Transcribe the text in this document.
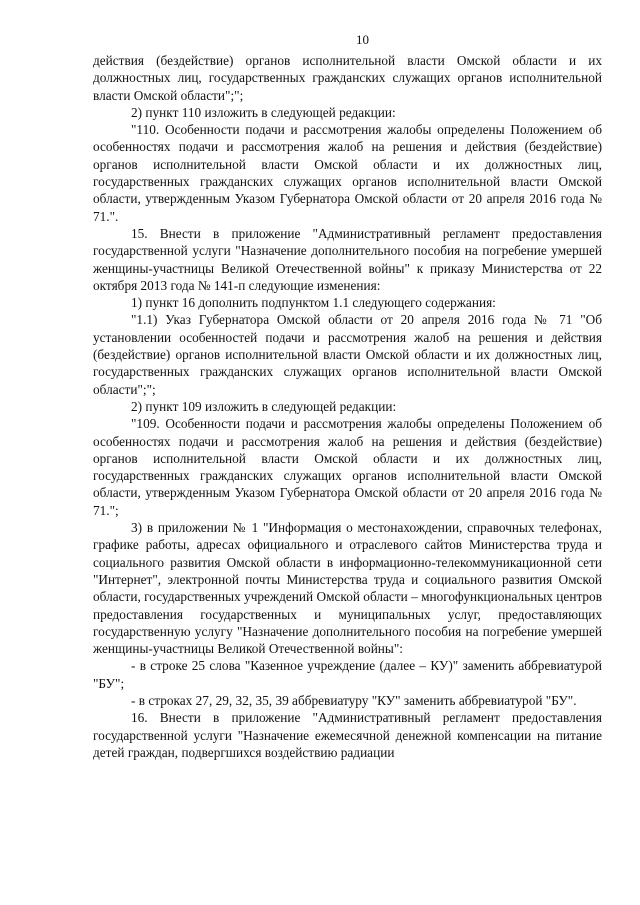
10

действия (бездействие) органов исполнительной власти Омской области и их должностных лиц, государственных гражданских служащих органов исполнительной власти Омской области";";

2) пункт 110 изложить в следующей редакции:

"110. Особенности подачи и рассмотрения жалобы определены Положением об особенностях подачи и рассмотрения жалоб на решения и действия (бездействие) органов исполнительной власти Омской области и их должностных лиц, государственных гражданских служащих органов исполнительной власти Омской области, утвержденным Указом Губернатора Омской области от 20 апреля 2016 года № 71.".

15. Внести в приложение "Административный регламент предоставления государственной услуги "Назначение дополнительного пособия на погребение умершей женщины-участницы Великой Отечественной войны" к приказу Министерства от 22 октября 2013 года № 141-п следующие изменения:

1) пункт 16 дополнить подпунктом 1.1 следующего содержания:

"1.1) Указ Губернатора Омской области от 20 апреля 2016 года № 71 "Об установлении особенностей подачи и рассмотрения жалоб на решения и действия (бездействие) органов исполнительной власти Омской области и их должностных лиц, государственных гражданских служащих органов исполнительной власти Омской области";";

2) пункт 109 изложить в следующей редакции:

"109. Особенности подачи и рассмотрения жалобы определены Положением об особенностях подачи и рассмотрения жалоб на решения и действия (бездействие) органов исполнительной власти Омской области и их должностных лиц, государственных гражданских служащих органов исполнительной власти Омской области, утвержденным Указом Губернатора Омской области от 20 апреля 2016 года № 71.";

3) в приложении № 1 "Информация о местонахождении, справочных телефонах, графике работы, адресах официального и отраслевого сайтов Министерства труда и социального развития Омской области в информационно-телекоммуникационной сети "Интернет", электронной почты Министерства труда и социального развития Омской области, государственных учреждений Омской области – многофункциональных центров предоставления государственных и муниципальных услуг, предоставляющих государственную услугу "Назначение дополнительного пособия на погребение умершей женщины-участницы Великой Отечественной войны":

- в строке 25 слова "Казенное учреждение (далее – КУ)" заменить аббревиатурой "БУ";

- в строках 27, 29, 32, 35, 39 аббревиатуру "КУ" заменить аббревиатурой "БУ".

16. Внести в приложение "Административный регламент предоставления государственной услуги "Назначение ежемесячной денежной компенсации на питание детей граждан, подвергшихся воздействию радиации
